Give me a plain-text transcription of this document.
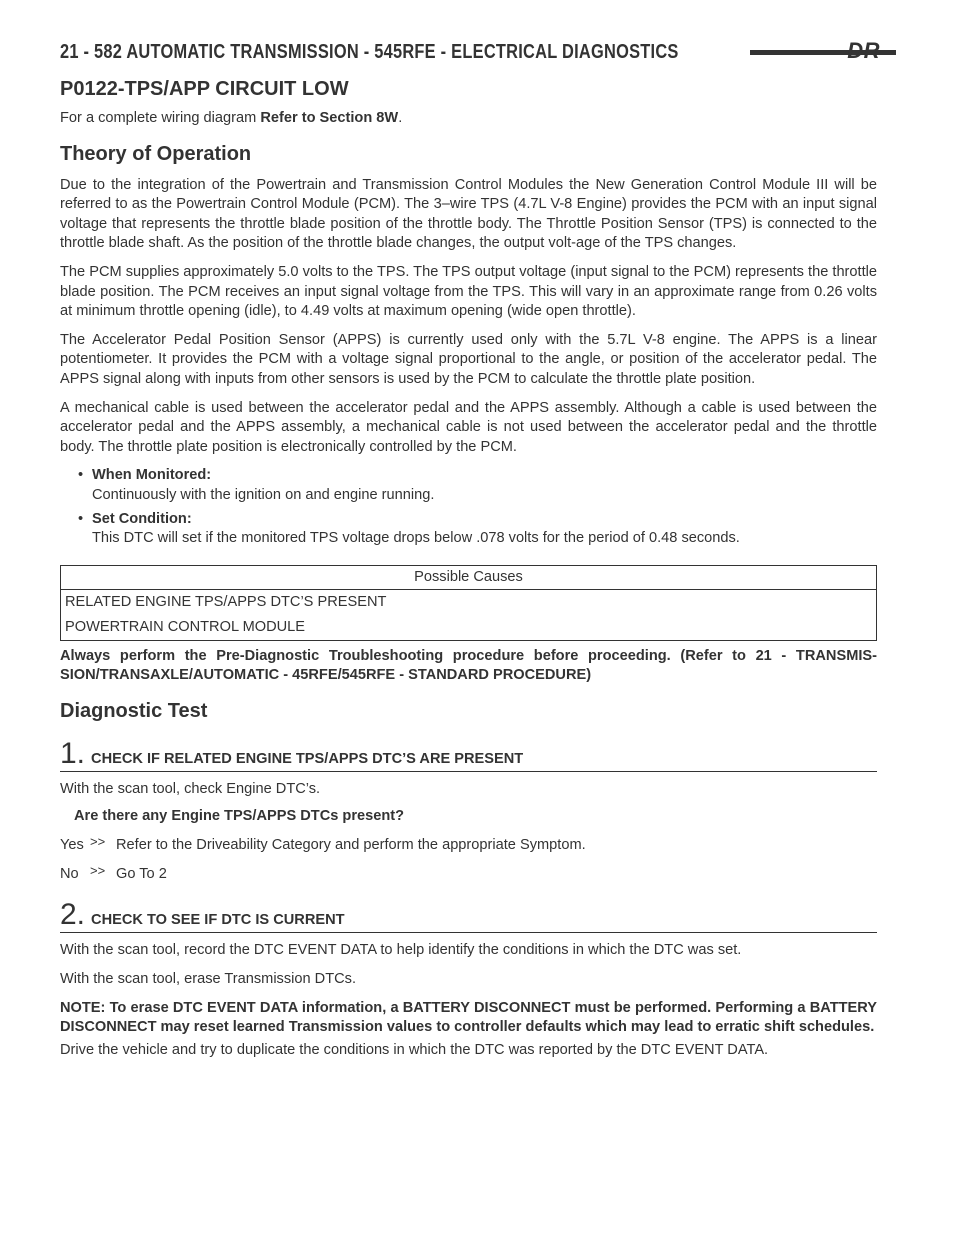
21 - 582 AUTOMATIC TRANSMISSION - 545RFE - ELECTRICAL DIAGNOSTICS	DR
P0122-TPS/APP CIRCUIT LOW

For a complete wiring diagram Refer to Section 8W.

Theory of Operation

Due to the integration of the Powertrain and Transmission Control Modules the New Generation Control Module III will be referred to as the Powertrain Control Module (PCM). The 3–wire TPS (4.7L V-8 Engine) provides the PCM with an input signal voltage that represents the throttle blade position of the throttle body. The Throttle Position Sensor (TPS) is connected to the throttle blade shaft. As the position of the throttle blade changes, the output volt-age of the TPS changes.

The PCM supplies approximately 5.0 volts to the TPS. The TPS output voltage (input signal to the PCM) represents the throttle blade position. The PCM receives an input signal voltage from the TPS. This will vary in an approximate range from 0.26 volts at minimum throttle opening (idle), to 4.49 volts at maximum opening (wide open throttle).

The Accelerator Pedal Position Sensor (APPS) is currently used only with the 5.7L V-8 engine. The APPS is a linear potentiometer. It provides the PCM with a voltage signal proportional to the angle, or position of the accelerator pedal. The APPS signal along with inputs from other sensors is used by the PCM to calculate the throttle plate position.

A mechanical cable is used between the accelerator pedal and the APPS assembly. Although a cable is used between the accelerator pedal and the APPS assembly, a mechanical cable is not used between the accelerator pedal and the throttle body. The throttle plate position is electronically controlled by the PCM.

• When Monitored:
Continuously with the ignition on and engine running.
• Set Condition:
This DTC will set if the monitored TPS voltage drops below .078 volts for the period of 0.48 seconds.
Possible Causes
RELATED ENGINE TPS/APPS DTC’S PRESENT
POWERTRAIN CONTROL MODULE

Always perform the Pre-Diagnostic Troubleshooting procedure before proceeding. (Refer to 21 - TRANSMIS-SION/TRANSAXLE/AUTOMATIC - 45RFE/545RFE - STANDARD PROCEDURE)

Diagnostic Test
1. CHECK IF RELATED ENGINE TPS/APPS DTC’S ARE PRESENT

With the scan tool, check Engine DTC’s.

Are there any Engine TPS/APPS DTCs present?
Yes >> Refer to the Driveability Category and perform the appropriate Symptom.
No >> Go To 2
2. CHECK TO SEE IF DTC IS CURRENT

With the scan tool, record the DTC EVENT DATA to help identify the conditions in which the DTC was set.

With the scan tool, erase Transmission DTCs.

NOTE: To erase DTC EVENT DATA information, a BATTERY DISCONNECT must be performed. Performing a BATTERY DISCONNECT may reset learned Transmission values to controller defaults which may lead to erratic shift schedules.

Drive the vehicle and try to duplicate the conditions in which the DTC was reported by the DTC EVENT DATA.
